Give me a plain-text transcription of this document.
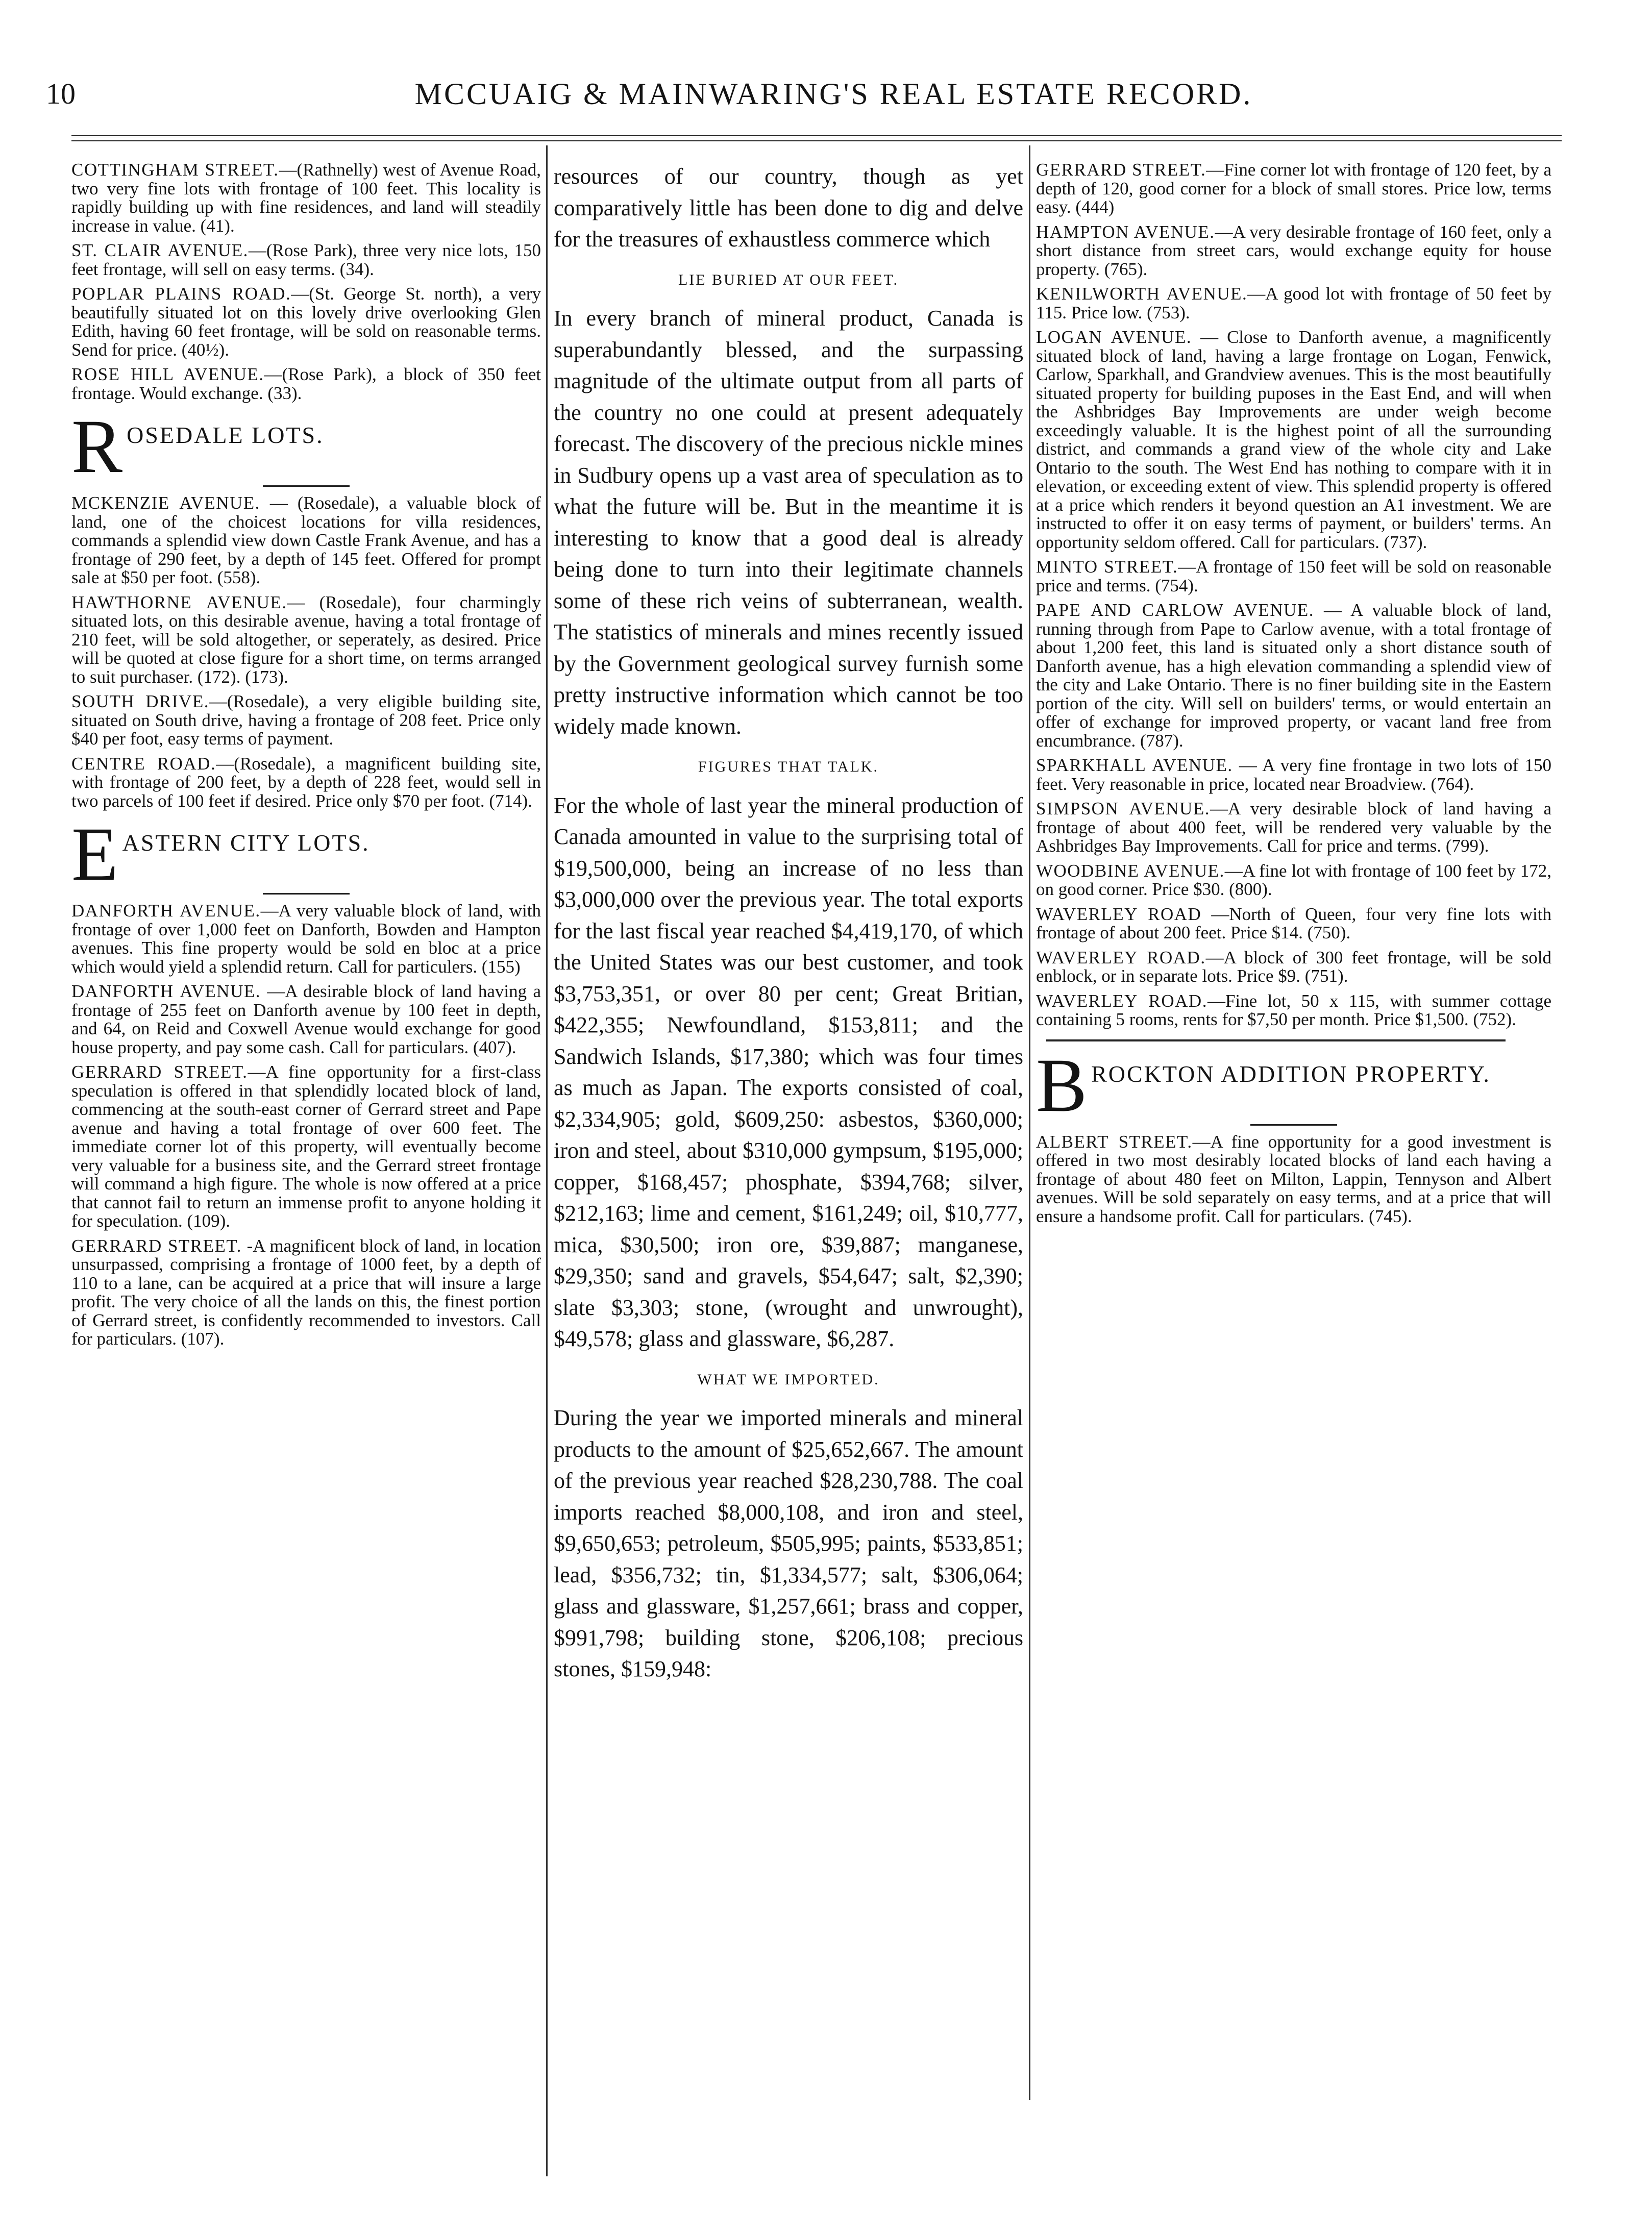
10	MCCUAIG & MAINWARING'S REAL ESTATE RECORD.

COTTINGHAM STREET.—(Rathnelly) west of Avenue Road, two very fine lots with frontage of 100 feet. This locality is rapidly building up with fine residences, and land will steadily increase in value. (41).

ST. CLAIR AVENUE.—(Rose Park), three very nice lots, 150 feet frontage, will sell on easy terms. (34).

POPLAR PLAINS ROAD.—(St. George St. north), a very beautifully situated lot on this lovely drive overlooking Glen Edith, having 60 feet frontage, will be sold on reasonable terms. Send for price. (40½).

ROSE HILL AVENUE.—(Rose Park), a block of 350 feet frontage. Would exchange. (33).

R OSEDALE LOTS.

MCKENZIE AVENUE. — (Rosedale), a valuable block of land, one of the choicest locations for villa residences, commands a splendid view down Castle Frank Avenue, and has a frontage of 290 feet, by a depth of 145 feet. Offered for prompt sale at $50 per foot. (558).

HAWTHORNE AVENUE.— (Rosedale), four charmingly situated lots, on this desirable avenue, having a total frontage of 210 feet, will be sold altogether, or seperately, as desired. Price will be quoted at close figure for a short time, on terms arranged to suit purchaser. (172). (173).

SOUTH DRIVE.—(Rosedale), a very eligible building site, situated on South drive, having a frontage of 208 feet. Price only $40 per foot, easy terms of payment.

CENTRE ROAD.—(Rosedale), a magnificent building site, with frontage of 200 feet, by a depth of 228 feet, would sell in two parcels of 100 feet if desired. Price only $70 per foot. (714).

E ASTERN CITY LOTS.

DANFORTH AVENUE.—A very valuable block of land, with frontage of over 1,000 feet on Danforth, Bowden and Hampton avenues. This fine property would be sold en bloc at a price which would yield a splendid return. Call for particulers. (155)

DANFORTH AVENUE. —A desirable block of land having a frontage of 255 feet on Danforth avenue by 100 feet in depth, and 64, on Reid and Coxwell Avenue would exchange for good house property, and pay some cash. Call for particulars. (407).

GERRARD STREET.—A fine opportunity for a first-class speculation is offered in that splendidly located block of land, commencing at the south-east corner of Gerrard street and Pape avenue and having a total frontage of over 600 feet. The immediate corner lot of this property, will eventually become very valuable for a business site, and the Gerrard street frontage will command a high figure. The whole is now offered at a price that cannot fail to return an immense profit to anyone holding it for speculation. (109).

GERRARD STREET. -A magnificent block of land, in location unsurpassed, comprising a frontage of 1000 feet, by a depth of 110 to a lane, can be acquired at a price that will insure a large profit. The very choice of all the lands on this, the finest portion of Gerrard street, is confidently recommended to investors. Call for particulars. (107).

resources of our country, though as yet comparatively little has been done to dig and delve for the treasures of exhaustless commerce which

LIE BURIED AT OUR FEET.

In every branch of mineral product, Canada is superabundantly blessed, and the surpassing magnitude of the ultimate output from all parts of the country no one could at present adequately forecast. The discovery of the precious nickle mines in Sudbury opens up a vast area of speculation as to what the future will be. But in the meantime it is interesting to know that a good deal is already being done to turn into their legitimate channels some of these rich veins of subterranean, wealth. The statistics of minerals and mines recently issued by the Government geological survey furnish some pretty instructive information which cannot be too widely made known.

FIGURES THAT TALK.

For the whole of last year the mineral production of Canada amounted in value to the surprising total of $19,500,000, being an increase of no less than $3,000,000 over the previous year. The total exports for the last fiscal year reached $4,419,170, of which the United States was our best customer, and took $3,753,351, or over 80 per cent; Great Britian, $422,355; Newfoundland, $153,811; and the Sandwich Islands, $17,380; which was four times as much as Japan. The exports consisted of coal, $2,334,905; gold, $609,250: asbestos, $360,000; iron and steel, about $310,000 gympsum, $195,000; copper, $168,457; phosphate, $394,768; silver, $212,163; lime and cement, $161,249; oil, $10,777, mica, $30,500; iron ore, $39,887; manganese, $29,350; sand and gravels, $54,647; salt, $2,390; slate $3,303; stone, (wrought and unwrought), $49,578; glass and glassware, $6,287.

WHAT WE IMPORTED.

During the year we imported minerals and mineral products to the amount of $25,652,667. The amount of the previous year reached $28,230,788. The coal imports reached $8,000,108, and iron and steel, $9,650,653; petroleum, $505,995; paints, $533,851; lead, $356,732; tin, $1,334,577; salt, $306,064; glass and glassware, $1,257,661; brass and copper, $991,798; building stone, $206,108; precious stones, $159,948:

GERRARD STREET.—Fine corner lot with frontage of 120 feet, by a depth of 120, good corner for a block of small stores. Price low, terms easy. (444)

HAMPTON AVENUE.—A very desirable frontage of 160 feet, only a short distance from street cars, would exchange equity for house property. (765).

KENILWORTH AVENUE.—A good lot with frontage of 50 feet by 115. Price low. (753).

LOGAN AVENUE. — Close to Danforth avenue, a magnificently situated block of land, having a large frontage on Logan, Fenwick, Carlow, Sparkhall, and Grandview avenues. This is the most beautifully situated property for building puposes in the East End, and will when the Ashbridges Bay Improvements are under weigh become exceedingly valuable. It is the highest point of all the surrounding district, and commands a grand view of the whole city and Lake Ontario to the south. The West End has nothing to compare with it in elevation, or exceeding extent of view. This splendid property is offered at a price which renders it beyond question an A1 investment. We are instructed to offer it on easy terms of payment, or builders' terms. An opportunity seldom offered. Call for particulars. (737).

MINTO STREET.—A frontage of 150 feet will be sold on reasonable price and terms. (754).

PAPE AND CARLOW AVENUE. — A valuable block of land, running through from Pape to Carlow avenue, with a total frontage of about 1,200 feet, this land is situated only a short distance south of Danforth avenue, has a high elevation commanding a splendid view of the city and Lake Ontario. There is no finer building site in the Eastern portion of the city. Will sell on builders' terms, or would entertain an offer of exchange for improved property, or vacant land free from encumbrance. (787).

SPARKHALL AVENUE. — A very fine frontage in two lots of 150 feet. Very reasonable in price, located near Broadview. (764).

SIMPSON AVENUE.—A very desirable block of land having a frontage of about 400 feet, will be rendered very valuable by the Ashbridges Bay Improvements. Call for price and terms. (799).

WOODBINE AVENUE.—A fine lot with frontage of 100 feet by 172, on good corner. Price $30. (800).

WAVERLEY ROAD —North of Queen, four very fine lots with frontage of about 200 feet. Price $14. (750).

WAVERLEY ROAD.—A block of 300 feet frontage, will be sold enblock, or in separate lots. Price $9. (751).

WAVERLEY ROAD.—Fine lot, 50 x 115, with summer cottage containing 5 rooms, rents for $7,50 per month. Price $1,500. (752).

B ROCKTON ADDITION PROPERTY.

ALBERT STREET.—A fine opportunity for a good investment is offered in two most desirably located blocks of land each having a frontage of about 480 feet on Milton, Lappin, Tennyson and Albert avenues. Will be sold separately on easy terms, and at a price that will ensure a handsome profit. Call for particulars. (745).
